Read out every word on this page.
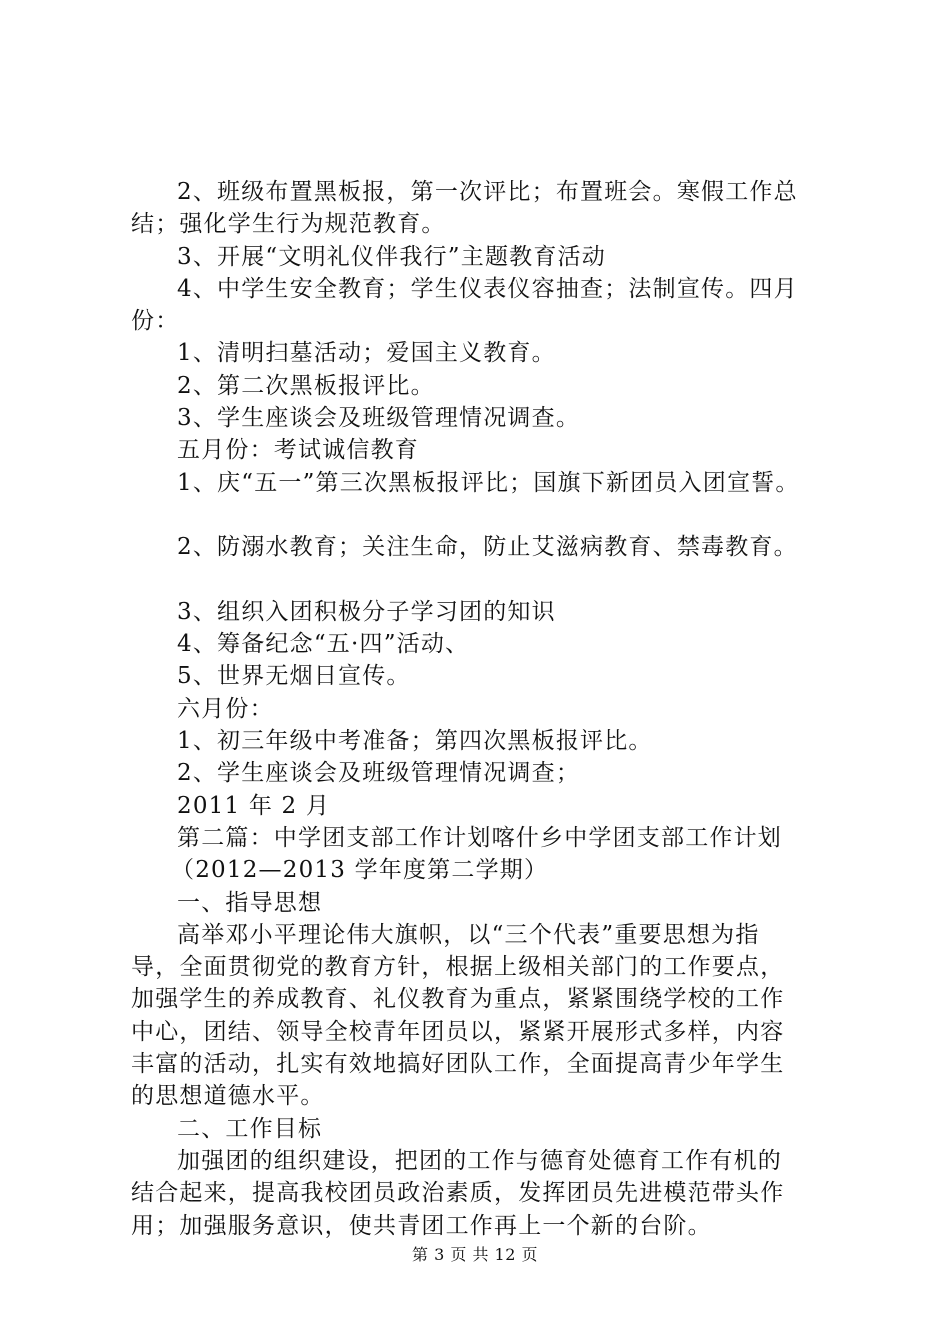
2、班级布置黑板报，第一次评比；布置班会。寒假工作总
结；强化学生行为规范教育。
3、开展“文明礼仪伴我行”主题教育活动
4、中学生安全教育；学生仪表仪容抽查；法制宣传。四月
份：
1、清明扫墓活动；爱国主义教育。
2、第二次黑板报评比。
3、学生座谈会及班级管理情况调查。
五月份：考试诚信教育
1、庆“五一”第三次黑板报评比；国旗下新团员入团宣誓。
2、防溺水教育；关注生命，防止艾滋病教育、禁毒教育。
3、组织入团积极分子学习团的知识
4、筹备纪念“五·四”活动、
5、世界无烟日宣传。
六月份：
1、初三年级中考准备；第四次黑板报评比。
2、学生座谈会及班级管理情况调查；
2011 年 2 月
第二篇：中学团支部工作计划喀什乡中学团支部工作计划
（2012—2013 学年度第二学期）
一、指导思想
高举邓小平理论伟大旗帜，以“三个代表”重要思想为指
导，全面贯彻党的教育方针，根据上级相关部门的工作要点，
加强学生的养成教育、礼仪教育为重点，紧紧围绕学校的工作
中心，团结、领导全校青年团员以，紧紧开展形式多样，内容
丰富的活动，扎实有效地搞好团队工作，全面提高青少年学生
的思想道德水平。
二、工作目标
加强团的组织建设，把团的工作与德育处德育工作有机的
结合起来，提高我校团员政治素质，发挥团员先进模范带头作
用；加强服务意识，使共青团工作再上一个新的台阶。
第 3 页 共 12 页
